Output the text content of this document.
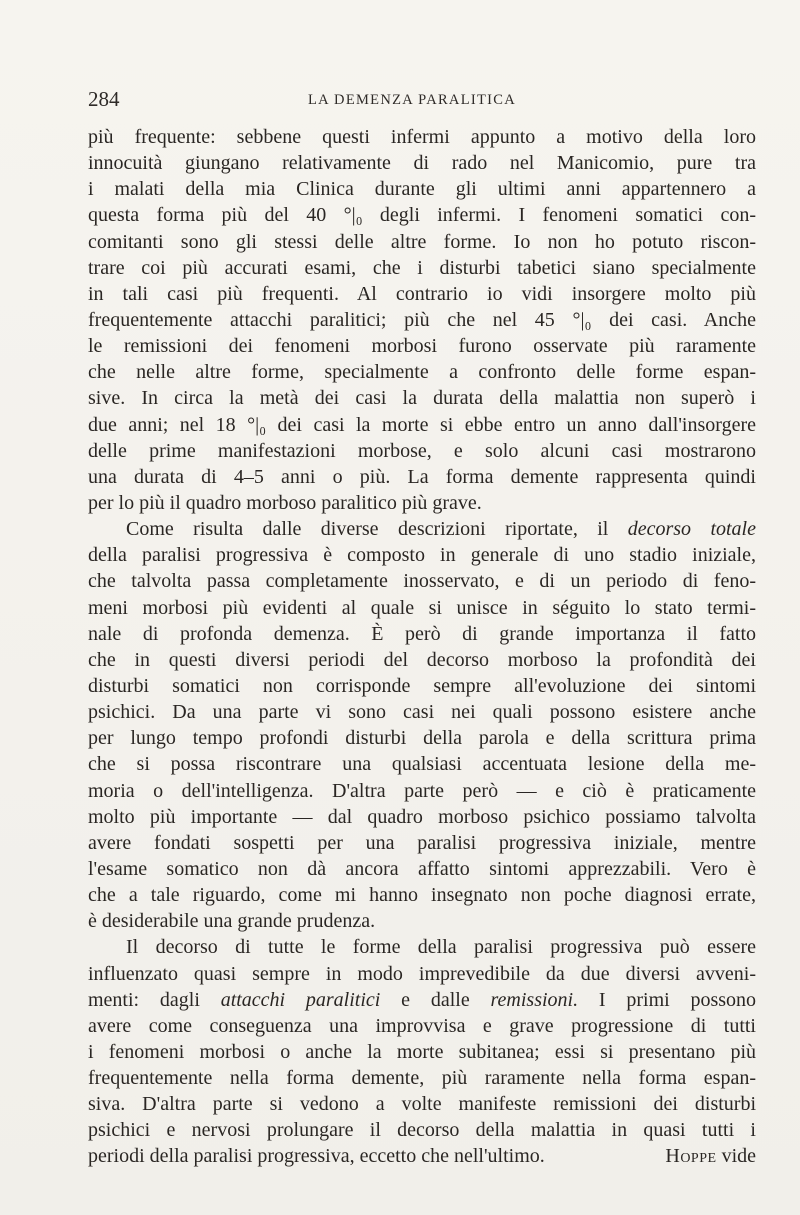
284	LA DEMENZA PARALITICA
più frequente: sebbene questi infermi appunto a motivo della loro
innocuità giungano relativamente di rado nel Manicomio, pure tra
i malati della mia Clinica durante gli ultimi anni appartennero a
questa forma più del 40 °|₀ degli infermi. I fenomeni somatici con-
comitanti sono gli stessi delle altre forme. Io non ho potuto riscon-
trare coi più accurati esami, che i disturbi tabetici siano specialmente
in tali casi più frequenti. Al contrario io vidi insorgere molto più
frequentemente attacchi paralitici; più che nel 45 °|₀ dei casi. Anche
le remissioni dei fenomeni morbosi furono osservate più raramente
che nelle altre forme, specialmente a confronto delle forme espan-
sive. In circa la metà dei casi la durata della malattia non superò i
due anni; nel 18 °|₀ dei casi la morte si ebbe entro un anno dall'insorgere
delle prime manifestazioni morbose, e solo alcuni casi mostrarono
una durata di 4–5 anni o più. La forma demente rappresenta quindi
per lo più il quadro morboso paralitico più grave.
Come risulta dalle diverse descrizioni riportate, il decorso totale
della paralisi progressiva è composto in generale di uno stadio iniziale,
che talvolta passa completamente inosservato, e di un periodo di feno-
meni morbosi più evidenti al quale si unisce in séguito lo stato termi-
nale di profonda demenza. È però di grande importanza il fatto
che in questi diversi periodi del decorso morboso la profondità dei
disturbi somatici non corrisponde sempre all'evoluzione dei sintomi
psichici. Da una parte vi sono casi nei quali possono esistere anche
per lungo tempo profondi disturbi della parola e della scrittura prima
che si possa riscontrare una qualsiasi accentuata lesione della me-
moria o dell'intelligenza. D'altra parte però — e ciò è praticamente
molto più importante — dal quadro morboso psichico possiamo talvolta
avere fondati sospetti per una paralisi progressiva iniziale, mentre
l'esame somatico non dà ancora affatto sintomi apprezzabili. Vero è
che a tale riguardo, come mi hanno insegnato non poche diagnosi errate,
è desiderabile una grande prudenza.
Il decorso di tutte le forme della paralisi progressiva può essere
influenzato quasi sempre in modo imprevedibile da due diversi avveni-
menti: dagli attacchi paralitici e dalle remissioni. I primi possono
avere come conseguenza una improvvisa e grave progressione di tutti
i fenomeni morbosi o anche la morte subitanea; essi si presentano più
frequentemente nella forma demente, più raramente nella forma espan-
siva. D'altra parte si vedono a volte manifeste remissioni dei disturbi
psichici e nervosi prolungare il decorso della malattia in quasi tutti i
periodi della paralisi progressiva, eccetto che nell'ultimo.	Hoppe vide
